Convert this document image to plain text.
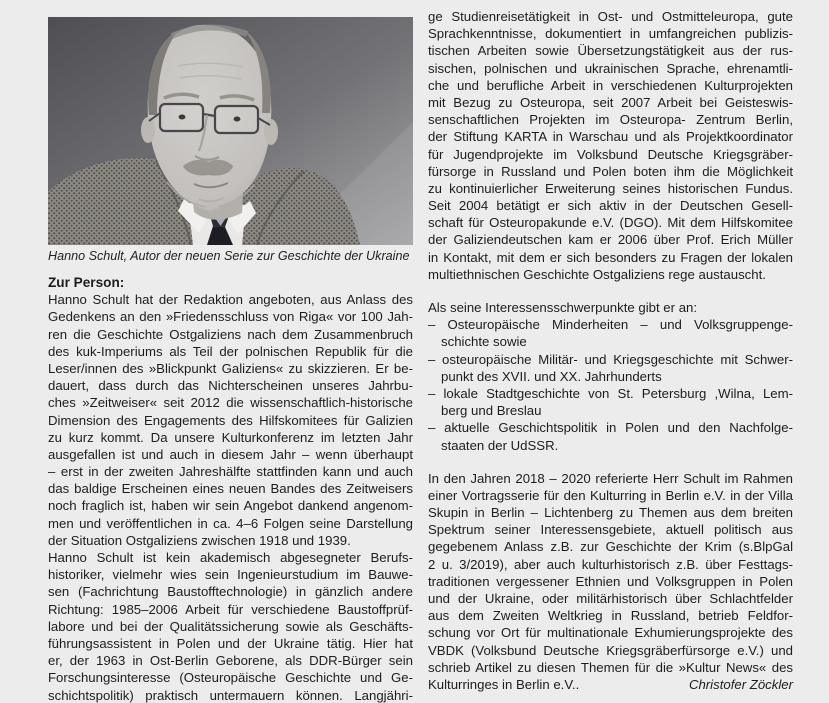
Hanno Schult, Autor der neuen Serie zur Geschichte der Ukraine
Zur Person:
Hanno Schult hat der Redaktion angeboten, aus Anlass des
Gedenkens an den »Friedensschluss von Riga« vor 100 Jah-
ren die Geschichte Ostgaliziens nach dem Zusammenbruch
des kuk-Imperiums als Teil der polnischen Republik für die
Leser/innen des »Blickpunkt Galiziens« zu skizzieren. Er be-
dauert, dass durch das Nichterscheinen unseres Jahrbu-
ches »Zeitweiser« seit 2012 die wissenschaftlich-historische
Dimension des Engagements des Hilfskomitees für Galizien
zu kurz kommt. Da unsere Kulturkonferenz im letzten Jahr
ausgefallen ist und auch in diesem Jahr – wenn überhaupt
– erst in der zweiten Jahreshälfte stattfinden kann und auch
das baldige Erscheinen eines neuen Bandes des Zeitweisers
noch fraglich ist, haben wir sein Angebot dankend angenom-
men und veröffentlichen in ca. 4–6 Folgen seine Darstellung
der Situation Ostgaliziens zwischen 1918 und 1939.
Hanno Schult ist kein akademisch abgesegneter Berufs-
historiker, vielmehr wies sein Ingenieurstudium im Bauwe-
sen (Fachrichtung Baustofftechnologie) in gänzlich andere
Richtung: 1985–2006 Arbeit für verschiedene Baustoffprüf-
labore und bei der Qualitätssicherung sowie als Geschäfts-
führungsassistent in Polen und der Ukraine tätig. Hier hat
er, der 1963 in Ost-Berlin Geborene, als DDR-Bürger sein
Forschungsinteresse (Osteuropäische Geschichte und Ge-
schichtspolitik) praktisch untermauern können. Langjähri-
ge Studienreisetätigkeit in Ost- und Ostmitteleuropa, gute
Sprachkenntnisse, dokumentiert in umfangreichen publizis-
tischen Arbeiten sowie Übersetzungstätigkeit aus der rus-
sischen, polnischen und ukrainischen Sprache, ehrenamtli-
che und berufliche Arbeit in verschiedenen Kulturprojekten
mit Bezug zu Osteuropa, seit 2007 Arbeit bei Geisteswis-
senschaftlichen Projekten im Osteuropa- Zentrum Berlin,
der Stiftung KARTA in Warschau und als Projektkoordinator
für Jugendprojekte im Volksbund Deutsche Kriegsgräber-
fürsorge in Russland und Polen boten ihm die Möglichkeit
zu kontinuierlicher Erweiterung seines historischen Fundus.
Seit 2004 betätigt er sich aktiv in der Deutschen Gesell-
schaft für Osteuropakunde e.V. (DGO). Mit dem Hilfskomitee
der Galiziendeutschen kam er 2006 über Prof. Erich Müller
in Kontakt, mit dem er sich besonders zu Fragen der lokalen
multiethnischen Geschichte Ostgaliziens rege austauscht.
Als seine Interessensschwerpunkte gibt er an:
– Osteuropäische Minderheiten – und Volksgruppenge-
schichte sowie
– osteuropäische Militär- und Kriegsgeschichte mit Schwer-
punkt des XVII. und XX. Jahrhunderts
– lokale Stadtgeschichte von St. Petersburg ,Wilna, Lem-
berg und Breslau
– aktuelle Geschichtspolitik in Polen und den Nachfolge-
staaten der UdSSR.
In den Jahren 2018 – 2020 referierte Herr Schult im Rahmen
einer Vortragsserie für den Kulturring in Berlin e.V. in der Villa
Skupin in Berlin – Lichtenberg zu Themen aus dem breiten
Spektrum seiner Interessensgebiete, aktuell politisch aus
gegebenem Anlass z.B. zur Geschichte der Krim (s.BlpGal
2 u. 3/2019), aber auch kulturhistorisch z.B. über Festtags-
traditionen vergessener Ethnien und Volksgruppen in Polen
und der Ukraine, oder militärhistorisch über Schlachtfelder
aus dem Zweiten Weltkrieg in Russland, betrieb Feldfor-
schung vor Ort für multinationale Exhumierungsprojekte des
VBDK (Volksbund Deutsche Kriegsgräberfürsorge e.V.) und
schrieb Artikel zu diesen Themen für die »Kultur News« des
Kulturringes in Berlin e.V..	Christofer Zöckler
